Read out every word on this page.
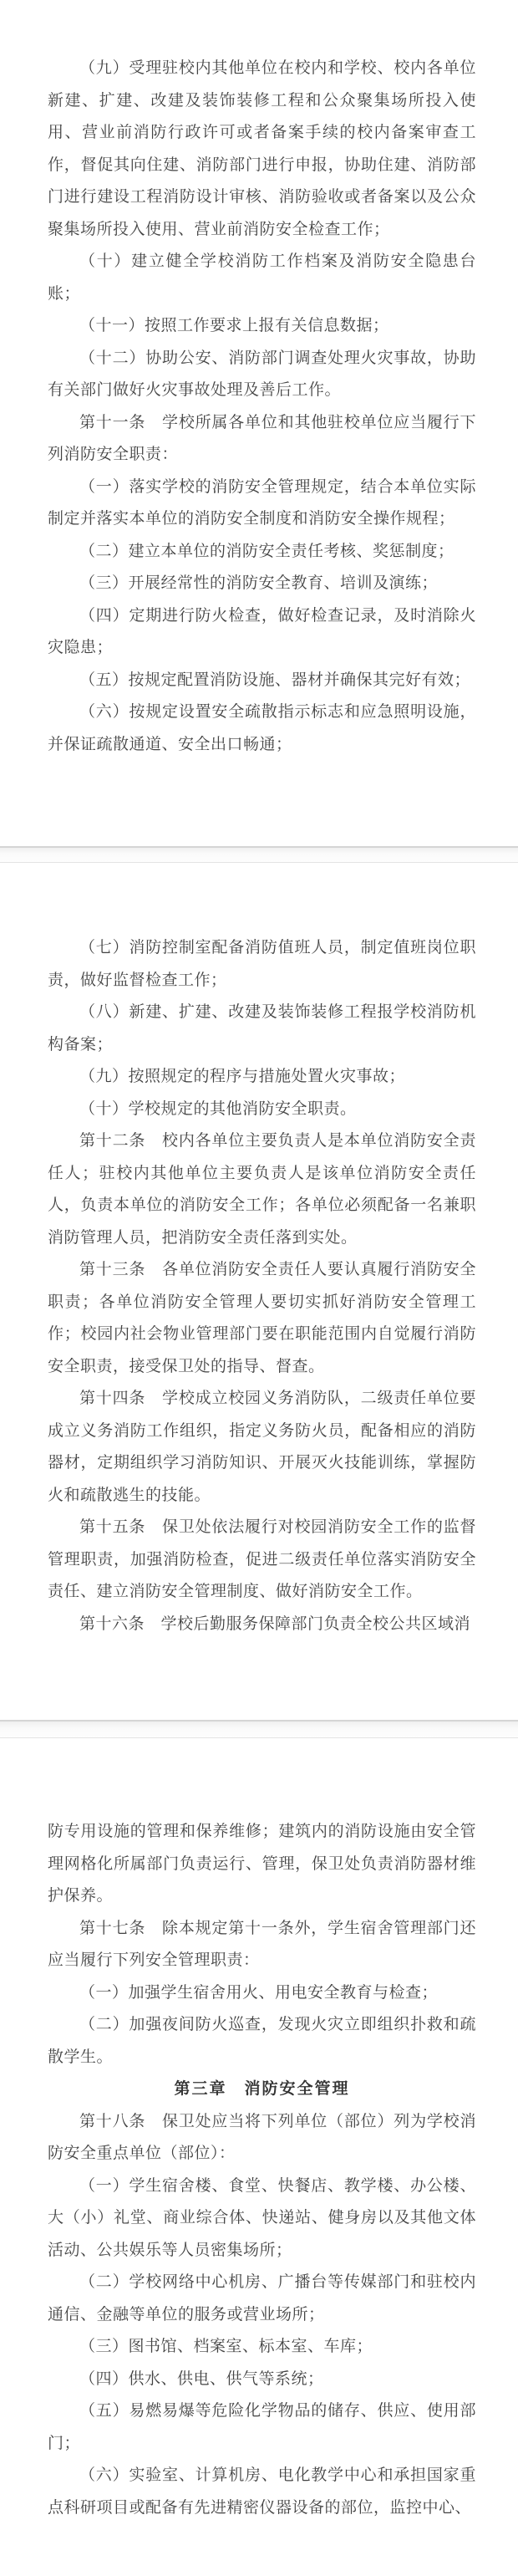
（九）受理驻校内其他单位在校内和学校、校内各单位新建、扩建、改建及装饰装修工程和公众聚集场所投入使用、营业前消防行政许可或者备案手续的校内备案审查工作，督促其向住建、消防部门进行申报，协助住建、消防部门进行建设工程消防设计审核、消防验收或者备案以及公众聚集场所投入使用、营业前消防安全检查工作；

（十）建立健全学校消防工作档案及消防安全隐患台账；

（十一）按照工作要求上报有关信息数据；

（十二）协助公安、消防部门调查处理火灾事故，协助有关部门做好火灾事故处理及善后工作。

第十一条　学校所属各单位和其他驻校单位应当履行下列消防安全职责：

（一）落实学校的消防安全管理规定，结合本单位实际制定并落实本单位的消防安全制度和消防安全操作规程；

（二）建立本单位的消防安全责任考核、奖惩制度；

（三）开展经常性的消防安全教育、培训及演练；

（四）定期进行防火检查，做好检查记录，及时消除火灾隐患；

（五）按规定配置消防设施、器材并确保其完好有效；

（六）按规定设置安全疏散指示标志和应急照明设施，并保证疏散通道、安全出口畅通；

（七）消防控制室配备消防值班人员，制定值班岗位职责，做好监督检查工作；

（八）新建、扩建、改建及装饰装修工程报学校消防机构备案；

（九）按照规定的程序与措施处置火灾事故；

（十）学校规定的其他消防安全职责。

第十二条　校内各单位主要负责人是本单位消防安全责任人；驻校内其他单位主要负责人是该单位消防安全责任人，负责本单位的消防安全工作；各单位必须配备一名兼职消防管理人员，把消防安全责任落到实处。

第十三条　各单位消防安全责任人要认真履行消防安全职责；各单位消防安全管理人要切实抓好消防安全管理工作；校园内社会物业管理部门要在职能范围内自觉履行消防安全职责，接受保卫处的指导、督查。

第十四条　学校成立校园义务消防队，二级责任单位要成立义务消防工作组织，指定义务防火员，配备相应的消防器材，定期组织学习消防知识、开展灭火技能训练，掌握防火和疏散逃生的技能。

第十五条　保卫处依法履行对校园消防安全工作的监督管理职责，加强消防检查，促进二级责任单位落实消防安全责任、建立消防安全管理制度、做好消防安全工作。

第十六条　学校后勤服务保障部门负责全校公共区域消

防专用设施的管理和保养维修；建筑内的消防设施由安全管理网格化所属部门负责运行、管理，保卫处负责消防器材维护保养。

第十七条　除本规定第十一条外，学生宿舍管理部门还应当履行下列安全管理职责：

（一）加强学生宿舍用火、用电安全教育与检查；

（二）加强夜间防火巡查，发现火灾立即组织扑救和疏散学生。

第三章　消防安全管理

第十八条　保卫处应当将下列单位（部位）列为学校消防安全重点单位（部位）：

（一）学生宿舍楼、食堂、快餐店、教学楼、办公楼、大（小）礼堂、商业综合体、快递站、健身房以及其他文体活动、公共娱乐等人员密集场所；

（二）学校网络中心机房、广播台等传媒部门和驻校内通信、金融等单位的服务或营业场所；

（三）图书馆、档案室、标本室、车库；

（四）供水、供电、供气等系统；

（五）易燃易爆等危险化学物品的储存、供应、使用部门；

（六）实验室、计算机房、电化教学中心和承担国家重点科研项目或配备有先进精密仪器设备的部位，监控中心、
